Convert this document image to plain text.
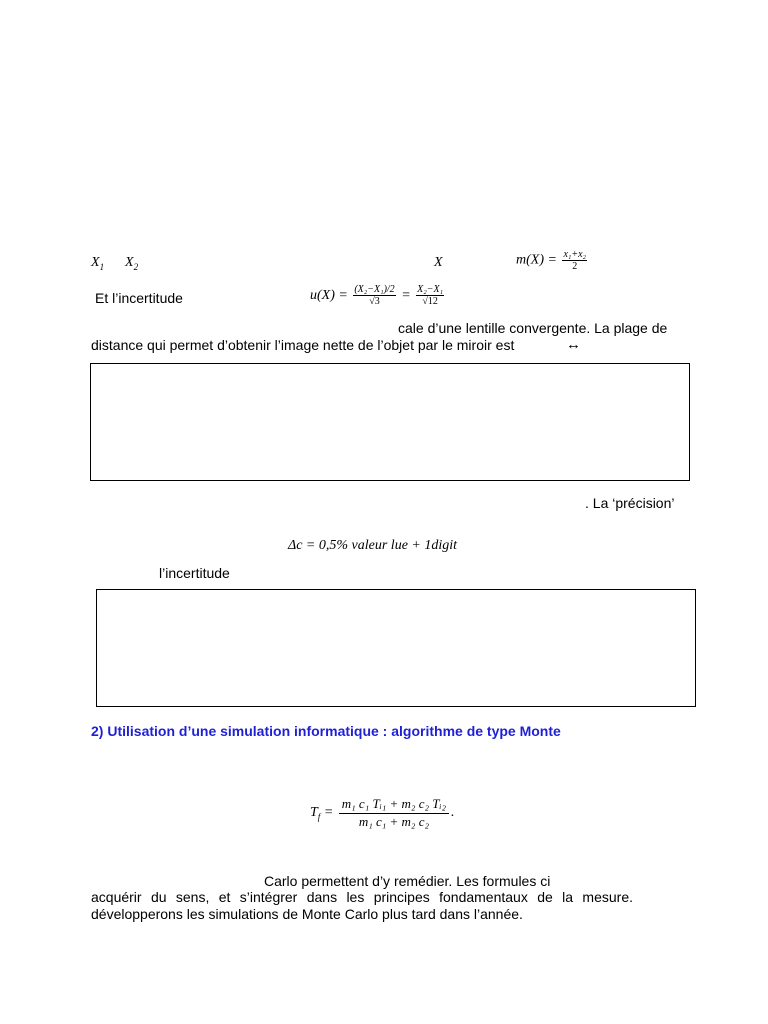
$X_1$ $X_2$	X	$m(X) = \frac{\text{x₁+x₂}}{2}$
Et l’incertitude	$u(X) = \frac{\text{(X₂−X₁)/2}}{√3} = \frac{\text{X₂−X₁}}{√12}$
cale d’une lentille convergente. La plage de
distance qui permet d’obtenir l’image nette de l’objet par le miroir est	↔
. La ‘précision’
Δc = 0,5% valeur lue + 1digit
l’incertitude
2) Utilisation d’une simulation informatique : algorithme de type Monte
$T_f = \frac{\text{m₁ c₁ Tᵢ₁ + m₂ c₂ Tᵢ₂}}{\text{m₁ c₁ + m₂ c₂}}$ .
Carlo permettent d’y remédier. Les formules ci
acquérir du sens, et s’intégrer dans les principes fondamentaux de la mesure.
développerons les simulations de Monte Carlo plus tard dans l’année.
